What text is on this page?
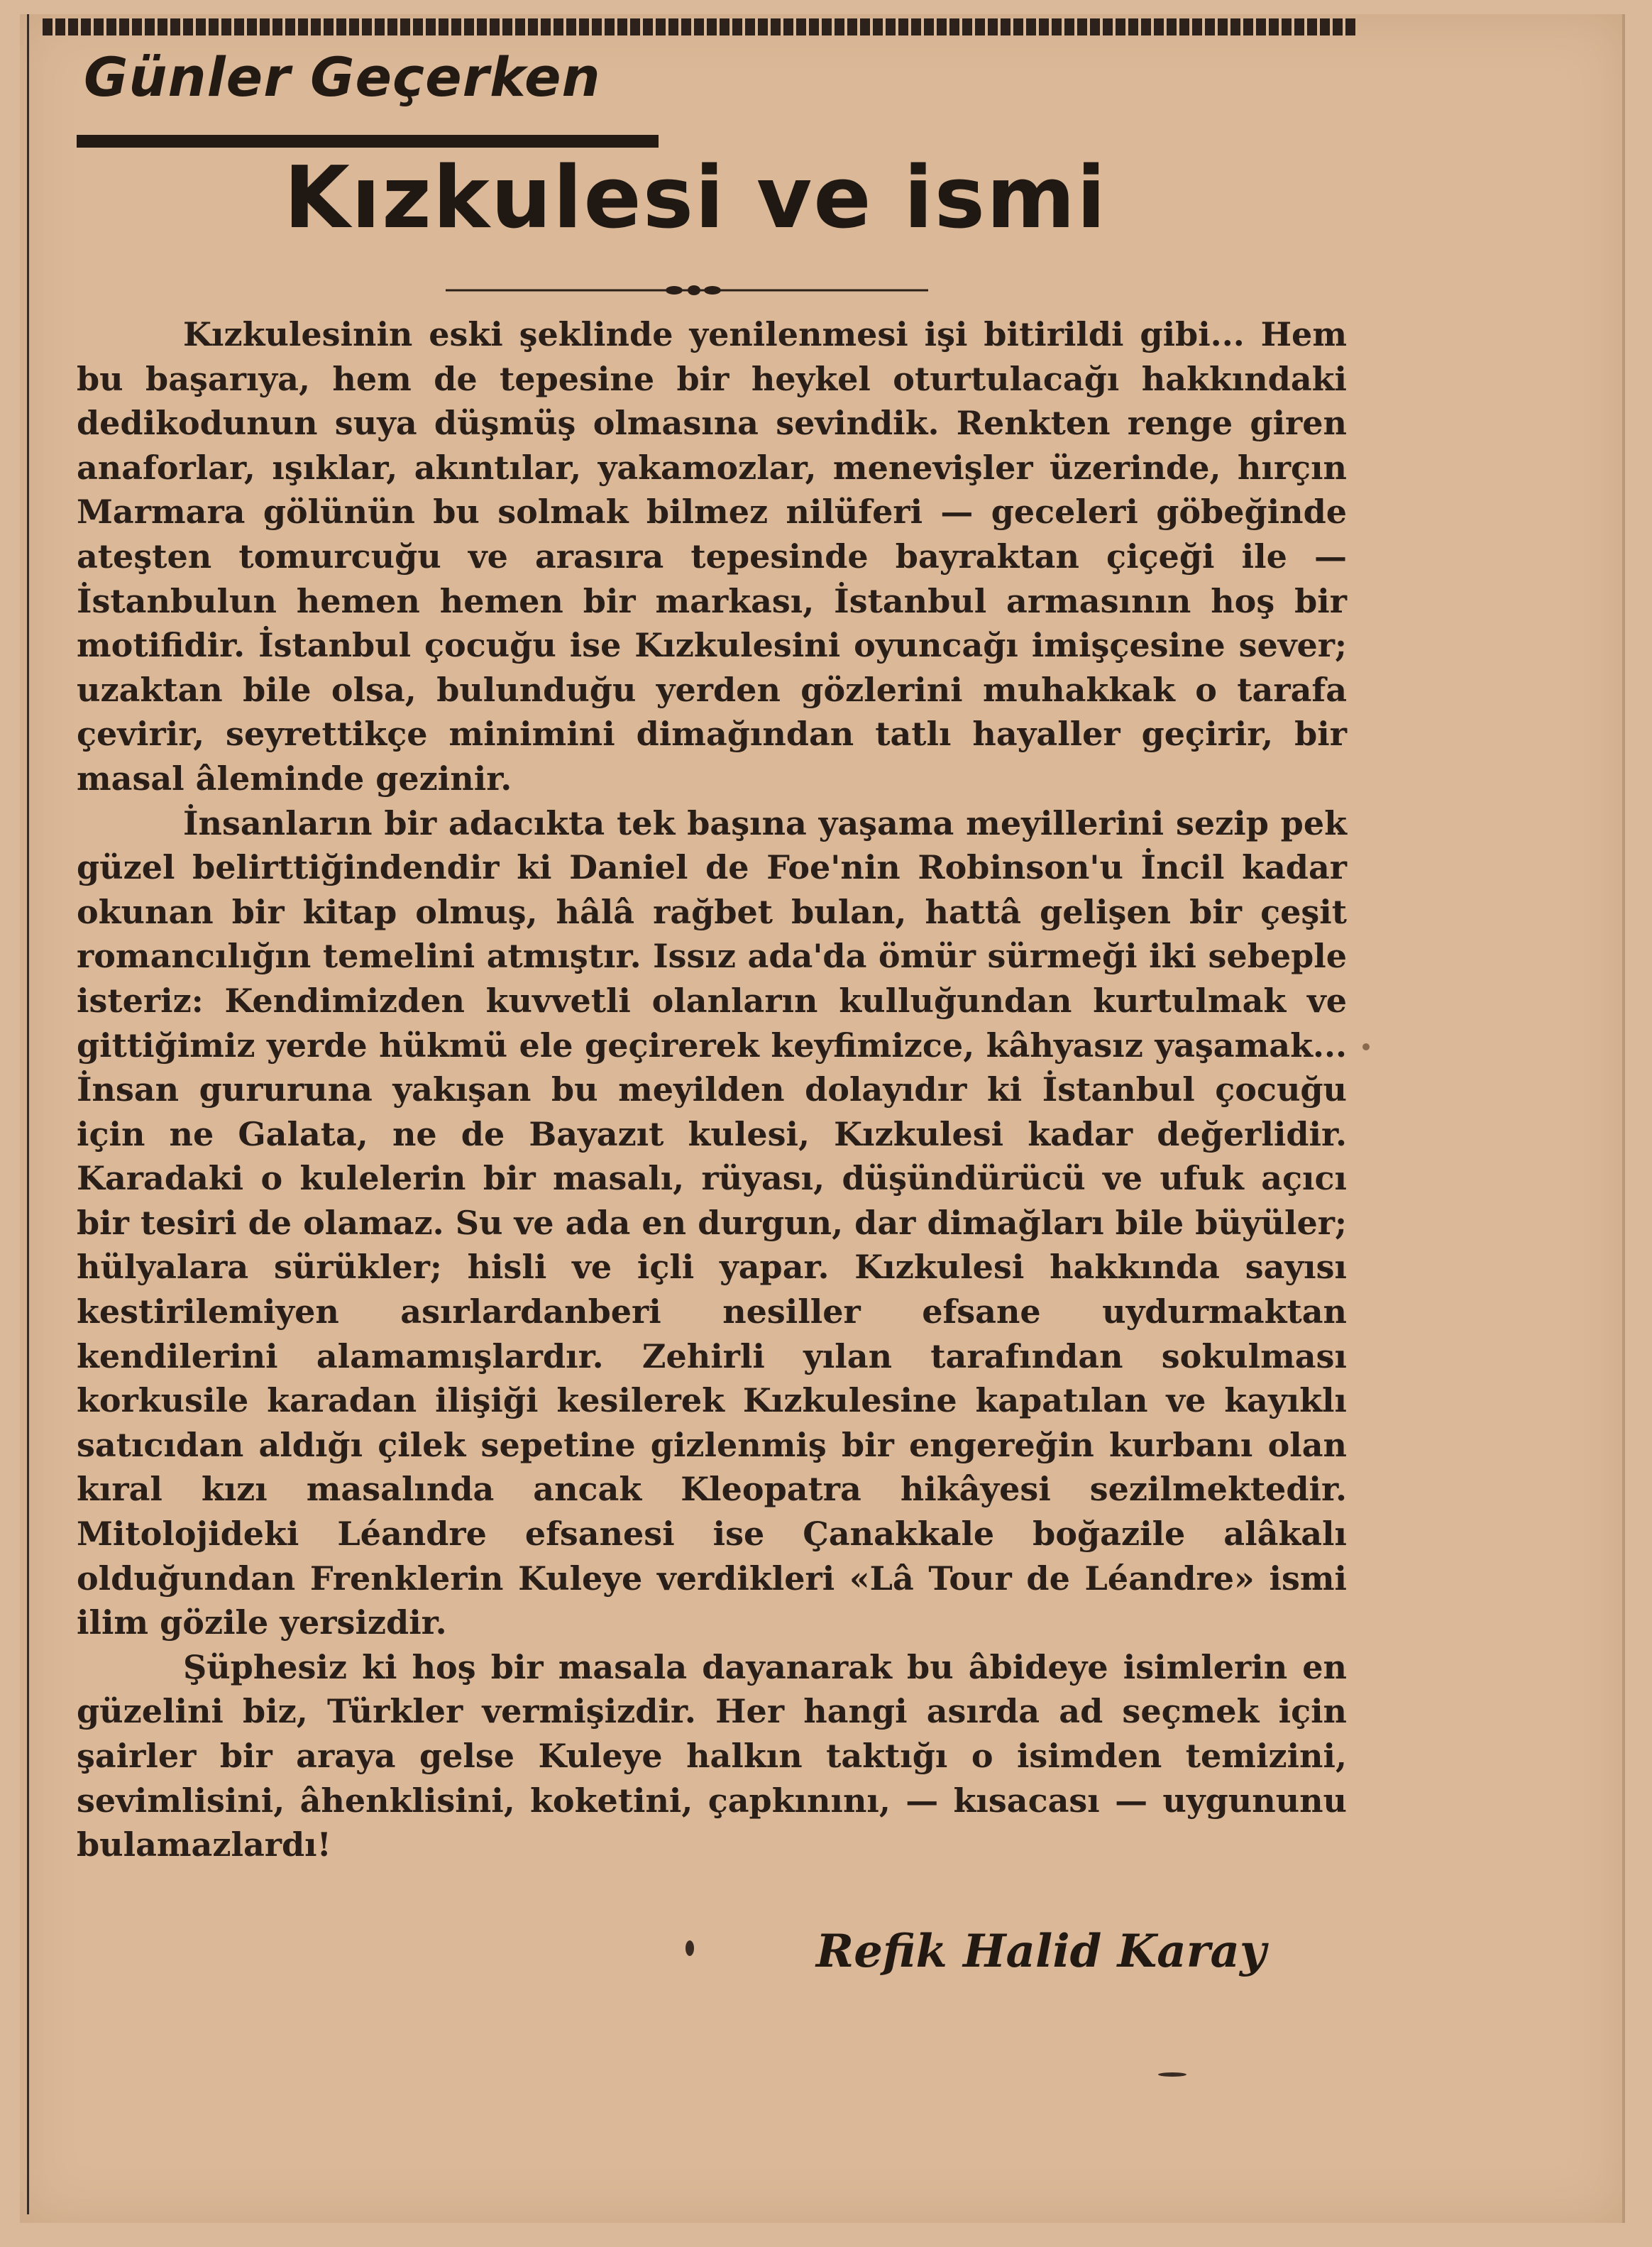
Günler Geçerken
Kızkulesi ve ismi

Kızkulesinin eski şeklinde yenilenmesi işi bitirildi gibi... Hem bu başarıya, hem de tepesine bir heykel oturtulacağı hakkındaki dedikodunun suya düşmüş olmasına sevindik. Renkten renge giren anaforlar, ışıklar, akıntılar, yakamozlar, menevişler üzerinde, hırçın Marmara gölünün bu solmak bilmez nilüferi — geceleri göbeğinde ateşten tomurcuğu ve arasıra tepesinde bayraktan çiçeği ile — İstanbulun hemen hemen bir markası, İstanbul armasının hoş bir motifidir. İstanbul çocuğu ise Kızkulesini oyuncağı imişçesine sever; uzaktan bile olsa, bulunduğu yerden gözlerini muhakkak o tarafa çevirir, seyrettikçe minimini dimağından tatlı hayaller geçirir, bir masal âleminde gezinir.

İnsanların bir adacıkta tek başına yaşama meyillerini sezip pek güzel belirttiğindendir ki Daniel de Foe'nin Robinson'u İncil kadar okunan bir kitap olmuş, hâlâ rağbet bulan, hattâ gelişen bir çeşit romancılığın temelini atmıştır. Issız ada'da ömür sürmeği iki sebeple isteriz: Kendimizden kuvvetli olanların kulluğundan kurtulmak ve gittiğimiz yerde hükmü ele geçirerek keyfimizce, kâhyasız yaşamak... İnsan gururuna yakışan bu meyilden dolayıdır ki İstanbul çocuğu için ne Galata, ne de Bayazıt kulesi, Kızkulesi kadar değerlidir. Karadaki o kulelerin bir masalı, rüyası, düşündürücü ve ufuk açıcı bir tesiri de olamaz. Su ve ada en durgun, dar dimağları bile büyüler; hülyalara sürükler; hisli ve içli yapar. Kızkulesi hakkında sayısı kestirilemiyen asırlardanberi nesiller efsane uydurmaktan kendilerini alamamışlardır. Zehirli yılan tarafından sokulması korkusile karadan ilişiği kesilerek Kızkulesine kapatılan ve kayıklı satıcıdan aldığı çilek sepetine gizlenmiş bir engereğin kurbanı olan kıral kızı masalında ancak Kleopatra hikâyesi sezilmektedir. Mitolojideki Léandre efsanesi ise Çanakkale boğazile alâkalı olduğundan Frenklerin Kuleye verdikleri «Lâ Tour de Léandre» ismi ilim gözile yersizdir.

Şüphesiz ki hoş bir masala dayanarak bu âbideye isimlerin en güzelini biz, Türkler vermişizdir. Her hangi asırda ad seçmek için şairler bir araya gelse Kuleye halkın taktığı o isimden temizini, sevimlisini, âhenklisini, koketini, çapkınını, — kısacası — uygununu bulamazlardı!

Refik Halid Karay
